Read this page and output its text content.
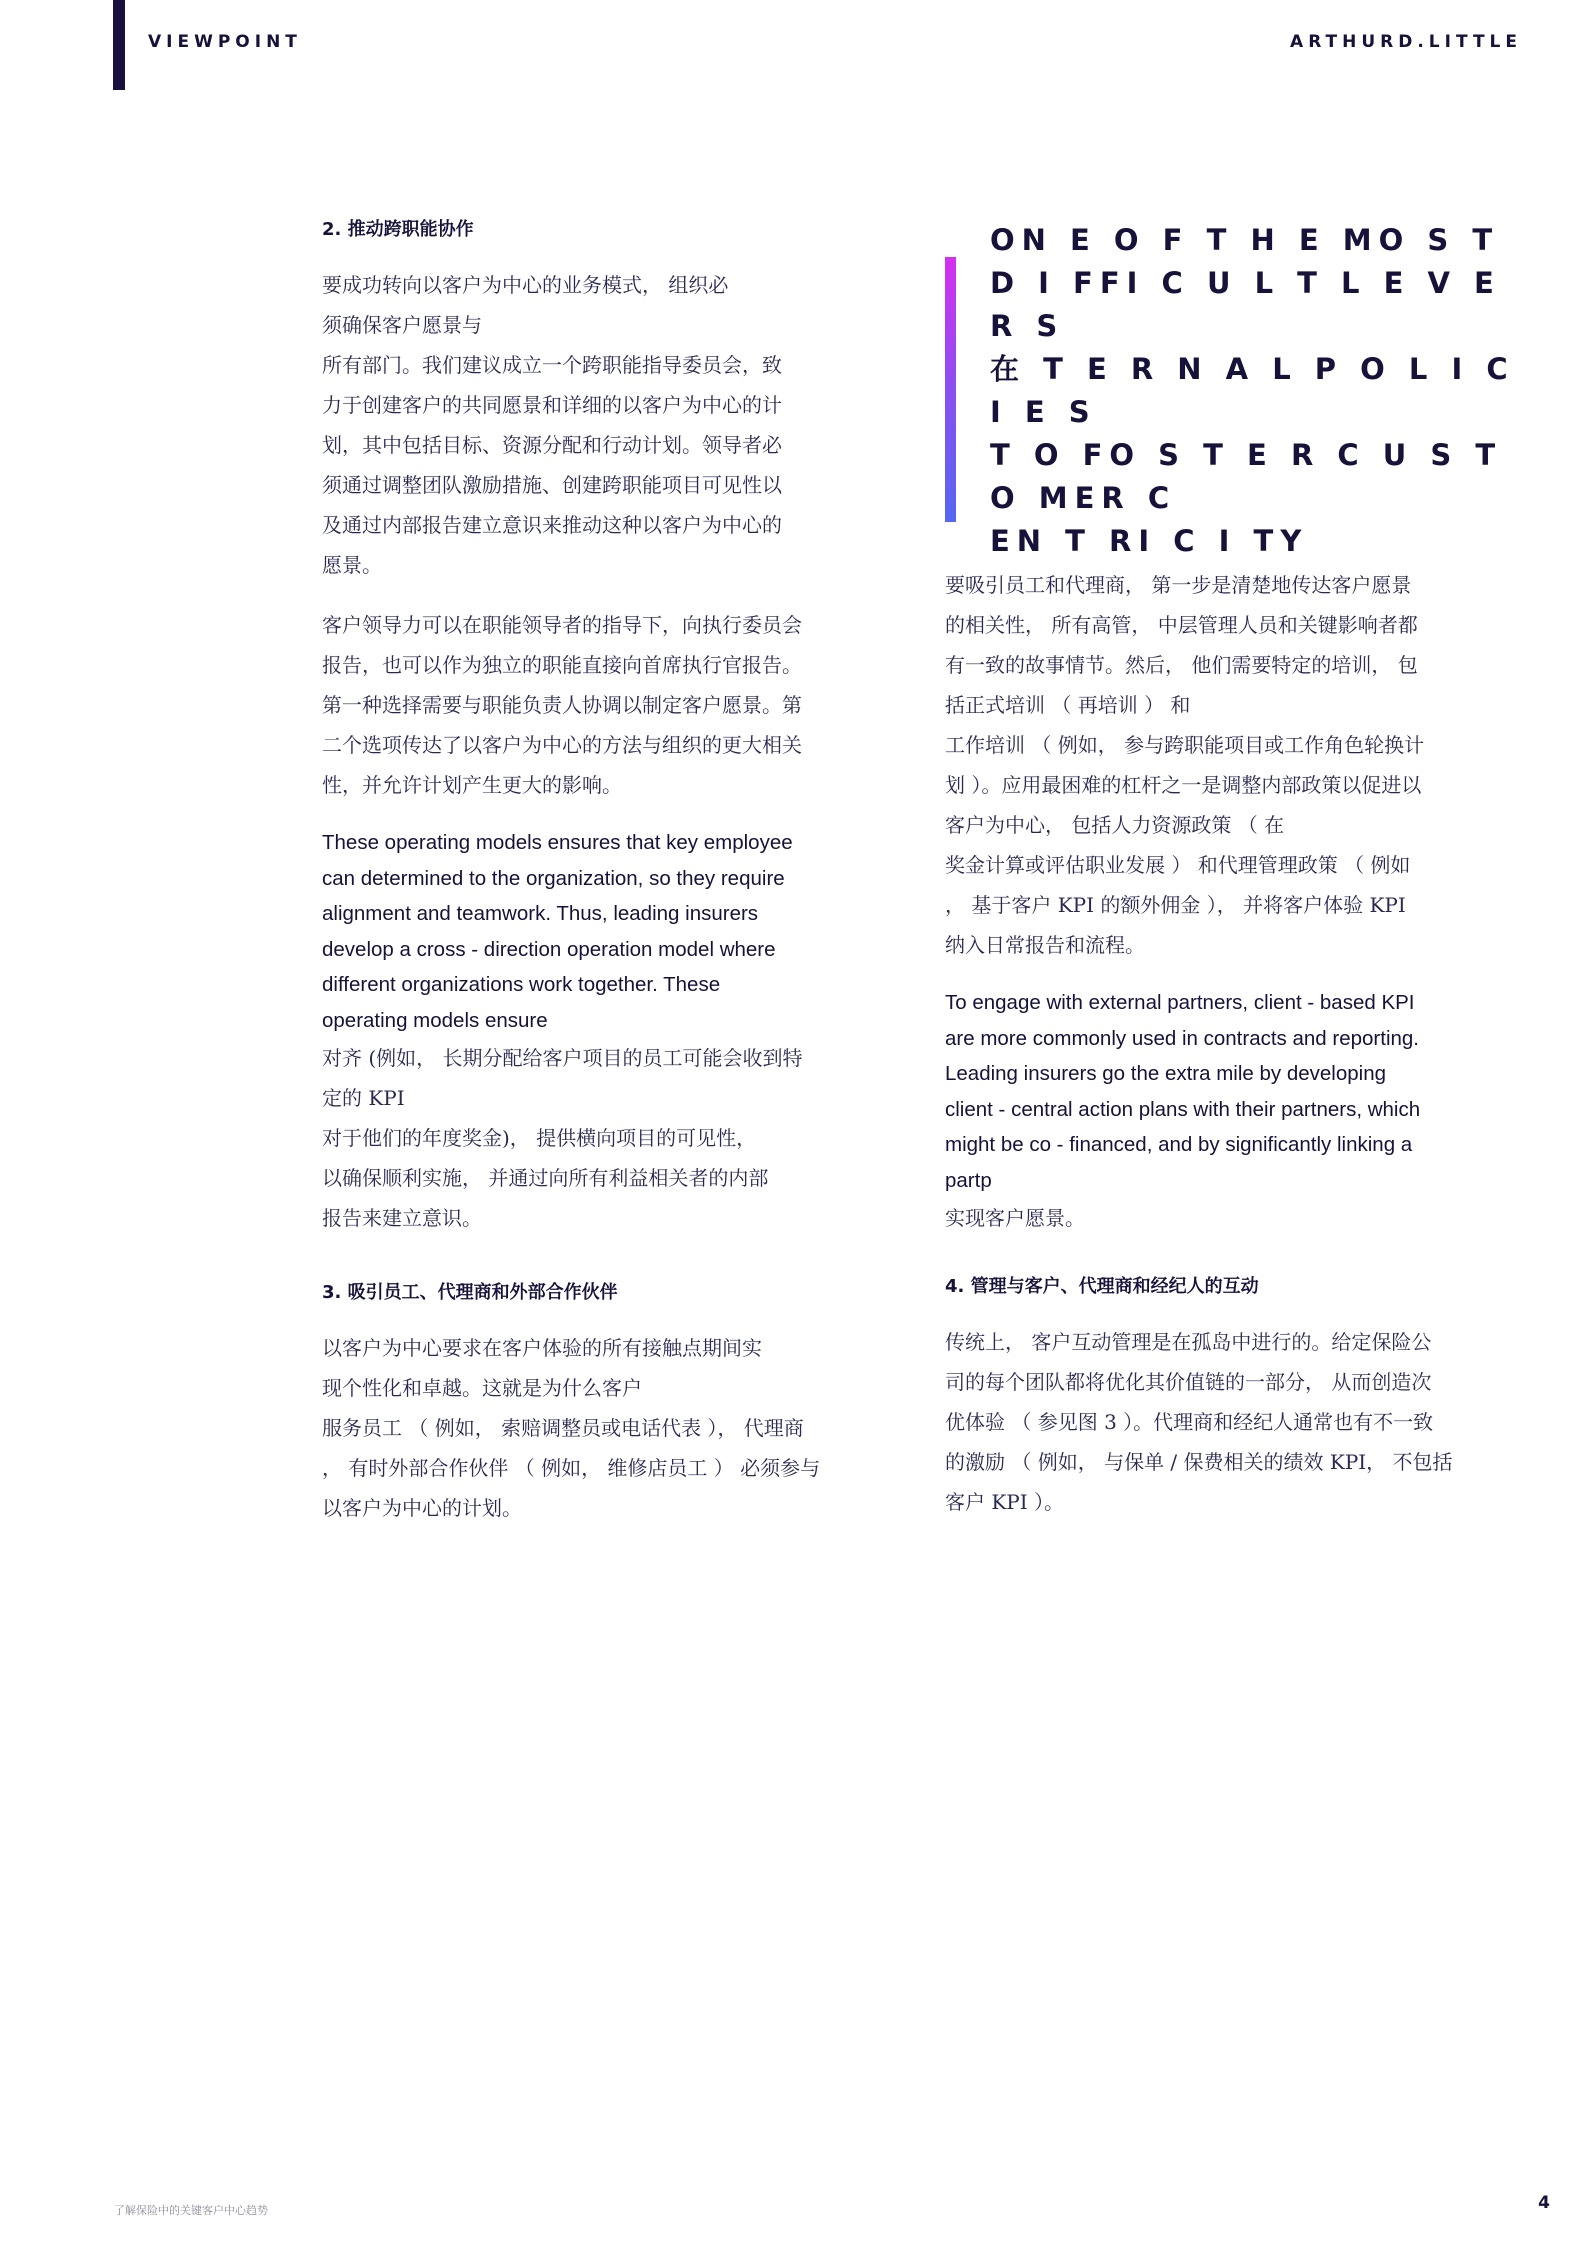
VIEWPOINT	ARTHURD.LITTLE
2. 推动跨职能协作

要成功转向以客户为中心的业务模式， 组织必
须确保客户愿景与
所有部门。我们建议成立一个跨职能指导委员会，致
力于创建客户的共同愿景和详细的以客户为中心的计
划，其中包括目标、资源分配和行动计划。领导者必
须通过调整团队激励措施、创建跨职能项目可见性以
及通过内部报告建立意识来推动这种以客户为中心的
愿景。

客户领导力可以在职能领导者的指导下，向执行委员会
报告，也可以作为独立的职能直接向首席执行官报告。
第一种选择需要与职能负责人协调以制定客户愿景。第
二个选项传达了以客户为中心的方法与组织的更大相关
性，并允许计划产生更大的影响。

These operating models ensures that key employee
can determined to the organization, so they require
alignment and teamwork. Thus, leading insurers
develop a cross - direction operation model where
different organizations work together. These
operating models ensure

对齐 (例如， 长期分配给客户项目的员工可能会收到特
定的 KPI
对于他们的年度奖金)， 提供横向项目的可见性，
以确保顺利实施， 并通过向所有利益相关者的内部
报告来建立意识。

3. 吸引员工、代理商和外部合作伙伴

以客户为中心要求在客户体验的所有接触点期间实
现个性化和卓越。这就是为什么客户
服务员工 （ 例如， 索赔调整员或电话代表 ）， 代理商
， 有时外部合作伙伴 （ 例如， 维修店员工 ） 必须参与
以客户为中心的计划。

ON E O F T H E MO S T
D I FFI C U L T L E V E
R S
在 T E R N A L P O L I C I E S
T O FO S T E R C U S T O MER C
EN T RI C I TY

要吸引员工和代理商， 第一步是清楚地传达客户愿景
的相关性， 所有高管， 中层管理人员和关键影响者都
有一致的故事情节。然后， 他们需要特定的培训， 包
括正式培训 （ 再培训 ） 和
工作培训 （ 例如， 参与跨职能项目或工作角色轮换计
划 ）。应用最困难的杠杆之一是调整内部政策以促进以
客户为中心， 包括人力资源政策 （ 在
奖金计算或评估职业发展 ） 和代理管理政策 （ 例如
， 基于客户 KPI 的额外佣金 ）， 并将客户体验 KPI
纳入日常报告和流程。

To engage with external partners, client - based KPI
are more commonly used in contracts and reporting.
Leading insurers go the extra mile by developing
client - central action plans with their partners, which
might be co - financed, and by significantly linking a
partp

实现客户愿景。

4. 管理与客户、代理商和经纪人的互动

传统上， 客户互动管理是在孤岛中进行的。给定保险公
司的每个团队都将优化其价值链的一部分， 从而创造次
优体验 （ 参见图 3 ）。代理商和经纪人通常也有不一致
的激励 （ 例如， 与保单 / 保费相关的绩效 KPI， 不包括
客户 KPI ）。

了解保险中的关键客户中心趋势	4
